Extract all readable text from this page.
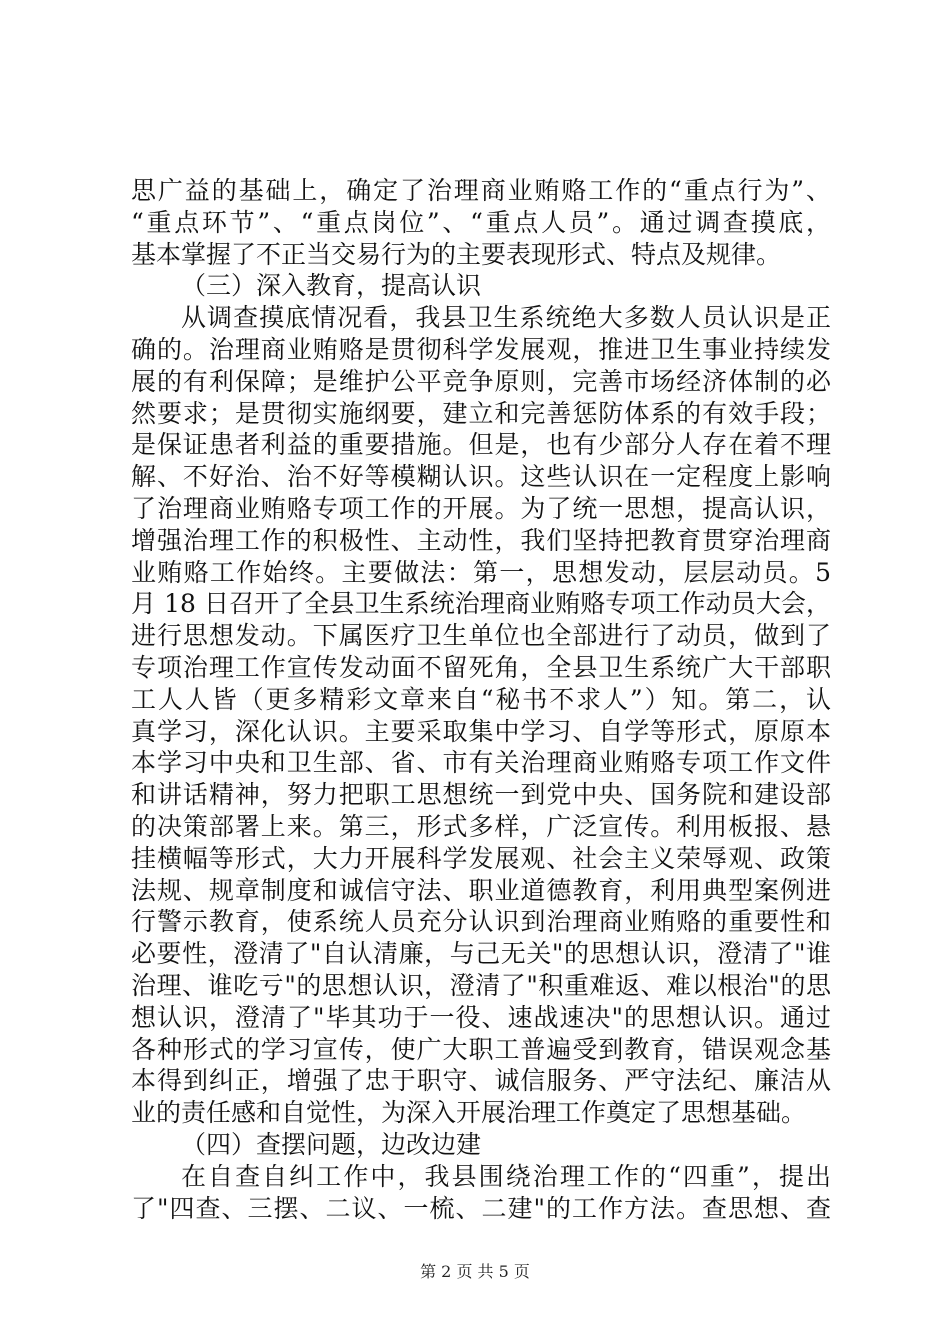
思广益的基础上，确定了治理商业贿赂工作的“重点行为”、
“重点环节”、“重点岗位”、“重点人员”。通过调查摸底，
基本掌握了不正当交易行为的主要表现形式、特点及规律。
（三）深入教育，提高认识
从调查摸底情况看，我县卫生系统绝大多数人员认识是正
确的。治理商业贿赂是贯彻科学发展观，推进卫生事业持续发
展的有利保障；是维护公平竞争原则，完善市场经济体制的必
然要求；是贯彻实施纲要，建立和完善惩防体系的有效手段；
是保证患者利益的重要措施。但是，也有少部分人存在着不理
解、不好治、治不好等模糊认识。这些认识在一定程度上影响
了治理商业贿赂专项工作的开展。为了统一思想，提高认识，
增强治理工作的积极性、主动性，我们坚持把教育贯穿治理商
业贿赂工作始终。主要做法：第一，思想发动，层层动员。5
月 18 日召开了全县卫生系统治理商业贿赂专项工作动员大会，
进行思想发动。下属医疗卫生单位也全部进行了动员，做到了
专项治理工作宣传发动面不留死角，全县卫生系统广大干部职
工人人皆（更多精彩文章来自“秘书不求人”）知。第二，认
真学习，深化认识。主要采取集中学习、自学等形式，原原本
本学习中央和卫生部、省、市有关治理商业贿赂专项工作文件
和讲话精神，努力把职工思想统一到党中央、国务院和建设部
的决策部署上来。第三，形式多样，广泛宣传。利用板报、悬
挂横幅等形式，大力开展科学发展观、社会主义荣辱观、政策
法规、规章制度和诚信守法、职业道德教育，利用典型案例进
行警示教育，使系统人员充分认识到治理商业贿赂的重要性和
必要性，澄清了"自认清廉，与己无关"的思想认识，澄清了"谁
治理、谁吃亏"的思想认识，澄清了"积重难返、难以根治"的思
想认识，澄清了"毕其功于一役、速战速决"的思想认识。通过
各种形式的学习宣传，使广大职工普遍受到教育，错误观念基
本得到纠正，增强了忠于职守、诚信服务、严守法纪、廉洁从
业的责任感和自觉性，为深入开展治理工作奠定了思想基础。
（四）查摆问题，边改边建
在自查自纠工作中，我县围绕治理工作的“四重”，提出
了"四查、三摆、二议、一梳、二建"的工作方法。查思想、查
第 2 页 共 5 页
